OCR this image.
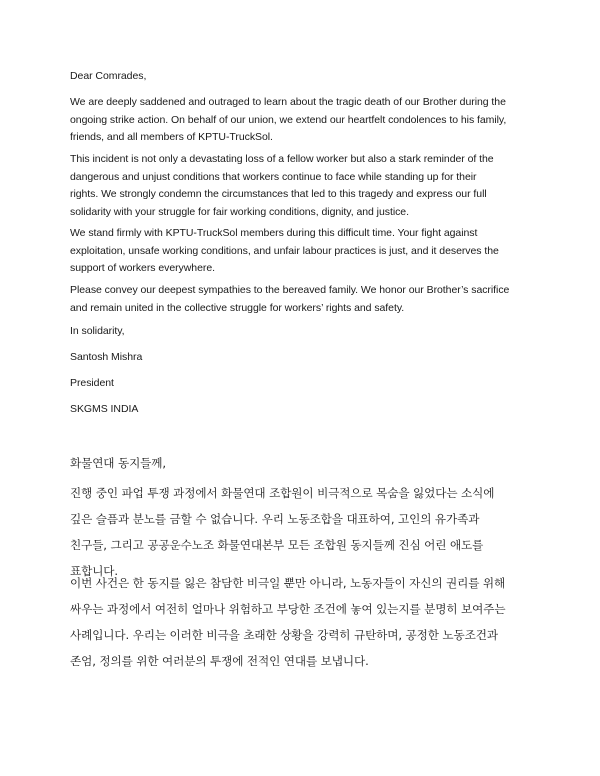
Dear Comrades,

We are deeply saddened and outraged to learn about the tragic death of our Brother during the
ongoing strike action. On behalf of our union, we extend our heartfelt condolences to his family,
friends, and all members of KPTU-TruckSol.

This incident is not only a devastating loss of a fellow worker but also a stark reminder of the
dangerous and unjust conditions that workers continue to face while standing up for their
rights. We strongly condemn the circumstances that led to this tragedy and express our full
solidarity with your struggle for fair working conditions, dignity, and justice.

We stand firmly with KPTU-TruckSol members during this difficult time. Your fight against
exploitation, unsafe working conditions, and unfair labour practices is just, and it deserves the
support of workers everywhere.

Please convey our deepest sympathies to the bereaved family. We honor our Brother’s sacrifice
and remain united in the collective struggle for workers’ rights and safety.

In solidarity,

Santosh Mishra

President

SKGMS INDIA

화물연대 동지들께,

진행 중인 파업 투쟁 과정에서 화물연대 조합원이 비극적으로 목숨을 잃었다는 소식에
깊은 슬픔과 분노를 금할 수 없습니다. 우리 노동조합을 대표하여, 고인의 유가족과
친구들, 그리고 공공운수노조 화물연대본부 모든 조합원 동지들께 진심 어린 애도를
표합니다.

이번 사건은 한 동지를 잃은 참담한 비극일 뿐만 아니라, 노동자들이 자신의 권리를 위해
싸우는 과정에서 여전히 얼마나 위험하고 부당한 조건에 놓여 있는지를 분명히 보여주는
사례입니다. 우리는 이러한 비극을 초래한 상황을 강력히 규탄하며, 공정한 노동조건과
존엄, 정의를 위한 여러분의 투쟁에 전적인 연대를 보냅니다.
